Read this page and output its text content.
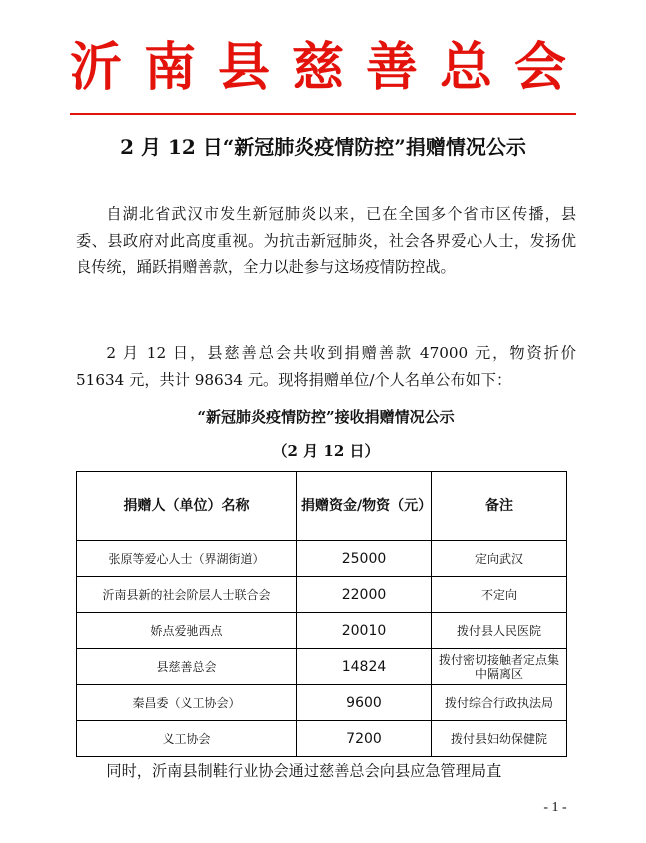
沂南县慈善总会
2 月 12 日“新冠肺炎疫情防控”捐赠情况公示

自湖北省武汉市发生新冠肺炎以来，已在全国多个省市区传播，县委、县政府对此高度重视。为抗击新冠肺炎，社会各界爱心人士，发扬优良传统，踊跃捐赠善款，全力以赴参与这场疫情防控战。

2 月 12 日，县慈善总会共收到捐赠善款 47000 元，物资折价 51634 元，共计 98634 元。现将捐赠单位/个人名单公布如下：

“新冠肺炎疫情防控”接收捐赠情况公示
（2 月 12 日）
捐赠人（单位）名称	捐赠资金/物资（元）	备注
张原等爱心人士（界湖街道）	25000	定向武汉
沂南县新的社会阶层人士联合会	22000	不定向
娇点爱驰西点	20010	拨付县人民医院
县慈善总会	14824	拨付密切接触者定点集中隔离区
秦昌委（义工协会）	9600	拨付综合行政执法局
义工协会	7200	拨付县妇幼保健院

同时，沂南县制鞋行业协会通过慈善总会向县应急管理局直

- 1 -
